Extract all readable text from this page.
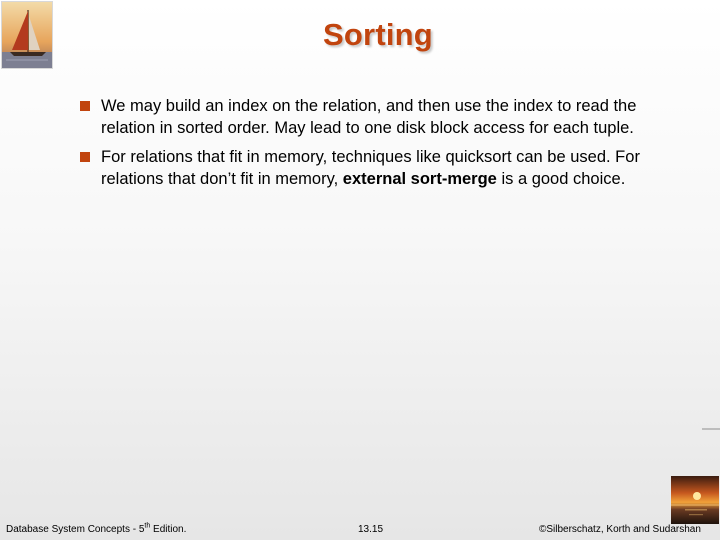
Sorting
We may build an index on the relation, and then use the index to read the relation in sorted order. May lead to one disk block access for each tuple.
For relations that fit in memory, techniques like quicksort can be used. For relations that don’t fit in memory, external sort-merge is a good choice.
Database System Concepts - 5th Edition.	13.15	©Silberschatz, Korth and Sudarshan
